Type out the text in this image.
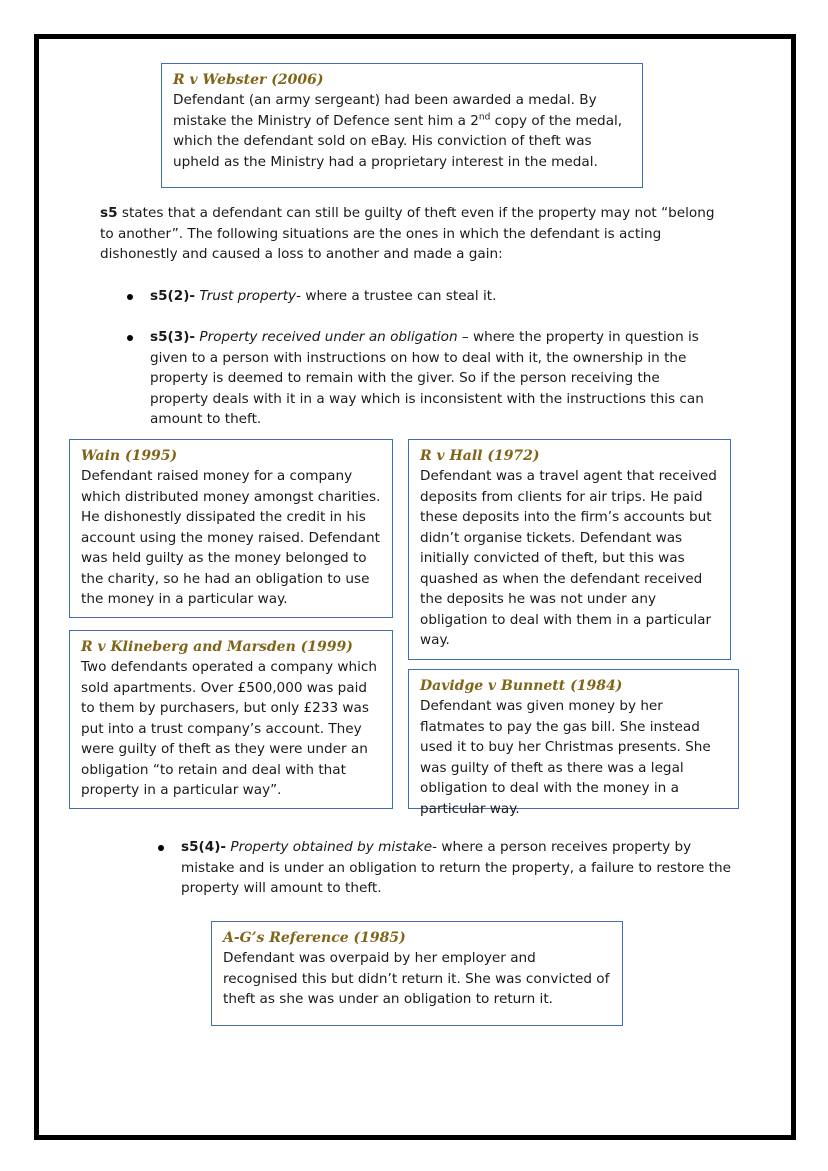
R v Webster (2006)
Defendant (an army sergeant) had been awarded a medal. By mistake the Ministry of Defence sent him a 2nd copy of the medal, which the defendant sold on eBay. His conviction of theft was upheld as the Ministry had a proprietary interest in the medal.
s5 states that a defendant can still be guilty of theft even if the property may not “belong to another”. The following situations are the ones in which the defendant is acting dishonestly and caused a loss to another and made a gain:
s5(2)- Trust property- where a trustee can steal it.
s5(3)- Property received under an obligation – where the property in question is given to a person with instructions on how to deal with it, the ownership in the property is deemed to remain with the giver. So if the person receiving the property deals with it in a way which is inconsistent with the instructions this can amount to theft.
Wain (1995)
Defendant raised money for a company which distributed money amongst charities. He dishonestly dissipated the credit in his account using the money raised. Defendant was held guilty as the money belonged to the charity, so he had an obligation to use the money in a particular way.
R v Hall (1972)
Defendant was a travel agent that received deposits from clients for air trips. He paid these deposits into the firm’s accounts but didn’t organise tickets. Defendant was initially convicted of theft, but this was quashed as when the defendant received the deposits he was not under any obligation to deal with them in a particular way.
R v Klineberg and Marsden (1999)
Two defendants operated a company which sold apartments. Over £500,000 was paid to them by purchasers, but only £233 was put into a trust company’s account. They were guilty of theft as they were under an obligation “to retain and deal with that property in a particular way”.
Davidge v Bunnett (1984)
Defendant was given money by her flatmates to pay the gas bill. She instead used it to buy her Christmas presents. She was guilty of theft as there was a legal obligation to deal with the money in a particular way.
s5(4)- Property obtained by mistake- where a person receives property by mistake and is under an obligation to return the property, a failure to restore the property will amount to theft.
A-G’s Reference (1985)
Defendant was overpaid by her employer and recognised this but didn’t return it. She was convicted of theft as she was under an obligation to return it.
